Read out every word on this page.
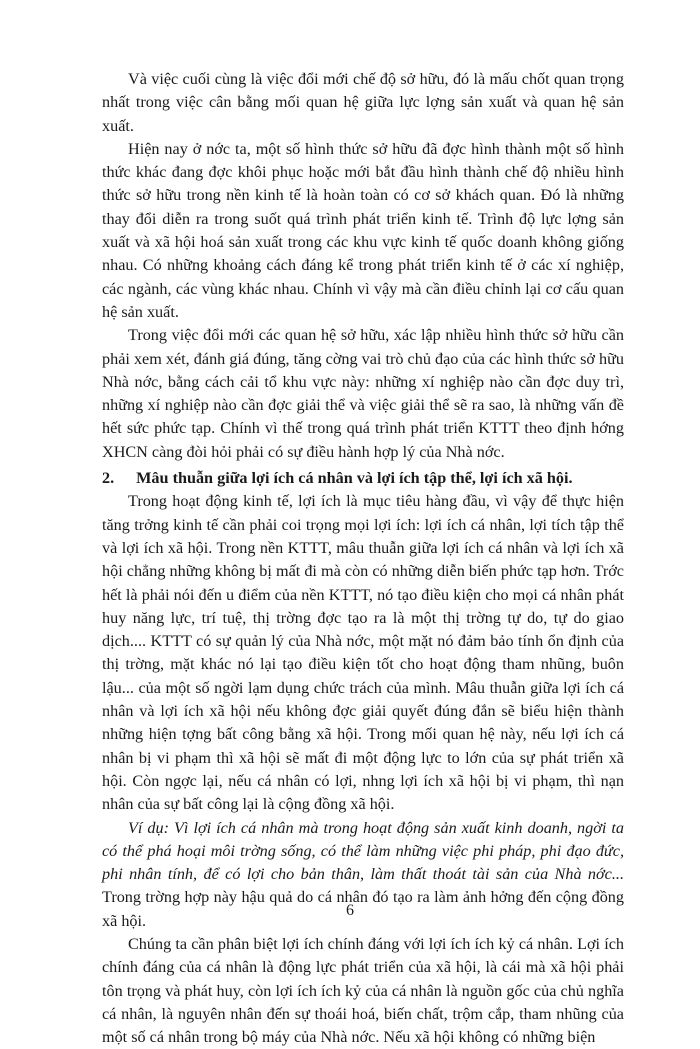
Và việc cuối cùng là việc đổi mới chế độ sở hữu, đó là mấu chốt quan trọng nhất trong việc cân bằng mối quan hệ giữa lực lợng sản xuất và quan hệ sản xuất.

Hiện nay ở nớc ta, một số hình thức sở hữu đã đợc hình thành một số hình thức khác đang đợc khôi phục hoặc mới bắt đầu hình thành chế độ nhiều hình thức sở hữu trong nền kinh tế là hoàn toàn có cơ sở khách quan. Đó là những thay đổi diễn ra trong suốt quá trình phát triển kinh tế. Trình độ lực lợng sản xuất và xã hội hoá sản xuất trong các khu vực kinh tế quốc doanh không giống nhau. Có những khoảng cách đáng kể trong phát triển kinh tế ở các xí nghiệp, các ngành, các vùng khác nhau. Chính vì vậy mà cần điều chỉnh lại cơ cấu quan hệ sản xuất.

Trong việc đổi mới các quan hệ sở hữu, xác lập nhiều hình thức sở hữu cần phải xem xét, đánh giá đúng, tăng cờng vai trò chủ đạo của các hình thức sở hữu Nhà nớc, bằng cách cải tổ khu vực này: những xí nghiệp nào cần đợc duy trì, những xí nghiệp nào cần đợc giải thể và việc giải thể sẽ ra sao, là những vấn đề hết sức phức tạp. Chính vì thế trong quá trình phát triển KTTT theo định hớng XHCN càng đòi hỏi phải có sự điều hành hợp lý của Nhà nớc.

2. Mâu thuẫn giữa lợi ích cá nhân và lợi ích tập thể, lợi ích xã hội.

Trong hoạt động kinh tế, lợi ích là mục tiêu hàng đầu, vì vậy để thực hiện tăng trởng kinh tế cần phải coi trọng mọi lợi ích: lợi ích cá nhân, lợi tích tập thể và lợi ích xã hội. Trong nền KTTT, mâu thuẫn giữa lợi ích cá nhân và lợi ích xã hội chẳng những không bị mất đi mà còn có những diễn biến phức tạp hơn. Trớc hết là phải nói đến u điểm của nền KTTT, nó tạo điều kiện cho mọi cá nhân phát huy năng lực, trí tuệ, thị trờng đợc tạo ra là một thị trờng tự do, tự do giao dịch.... KTTT có sự quản lý của Nhà nớc, một mặt nó đảm bảo tính ổn định của thị trờng, mặt khác nó lại tạo điều kiện tốt cho hoạt động tham nhũng, buôn lậu... của một số ngời lạm dụng chức trách của mình. Mâu thuẫn giữa lợi ích cá nhân và lợi ích xã hội nếu không đợc giải quyết đúng đắn sẽ biểu hiện thành những hiện tợng bất công bằng xã hội. Trong mối quan hệ này, nếu lợi ích cá nhân bị vi phạm thì xã hội sẽ mất đi một động lực to lớn của sự phát triển xã hội. Còn ngợc lại, nếu cá nhân có lợi, nhng lợi ích xã hội bị vi phạm, thì nạn nhân của sự bất công lại là cộng đồng xã hội.

Ví dụ: Vì lợi ích cá nhân mà trong hoạt động sản xuất kinh doanh, ngời ta có thể phá hoại môi trờng sống, có thể làm những việc phi pháp, phi đạo đức, phi nhân tính, để có lợi cho bản thân, làm thất thoát tài sản của Nhà nớc... Trong trờng hợp này hậu quả do cá nhân đó tạo ra làm ảnh hởng đến cộng đồng xã hội.

Chúng ta cần phân biệt lợi ích chính đáng với lợi ích ích kỷ cá nhân. Lợi ích chính đáng của cá nhân là động lực phát triển của xã hội, là cái mà xã hội phải tôn trọng và phát huy, còn lợi ích ích kỷ của cá nhân là nguồn gốc của chủ nghĩa cá nhân, là nguyên nhân đến sự thoái hoá, biến chất, trộm cắp, tham nhũng của một số cá nhân trong bộ máy của Nhà nớc. Nếu xã hội không có những biện

6
